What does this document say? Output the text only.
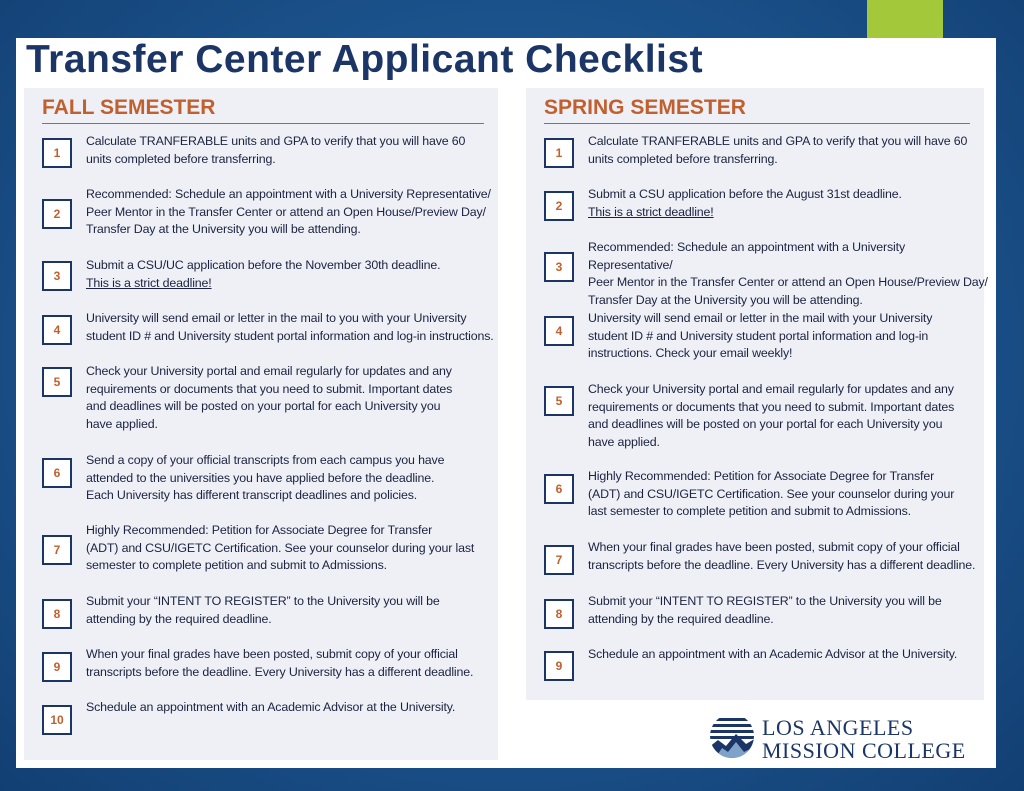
Transfer Center Applicant Checklist
FALL SEMESTER
1
Calculate TRANFERABLE units and GPA to verify that you will have 60
units completed before transferring.
2
Recommended: Schedule an appointment with a University Representative/
Peer Mentor in the Transfer Center or attend an Open House/Preview Day/
Transfer Day at the University you will be attending.
3
Submit a CSU/UC application before the November 30th deadline.
This is a strict deadline!
4
University will send email or letter in the mail to you with your University
student ID # and University student portal information and log-in instructions.
5
Check your University portal and email regularly for updates and any
requirements or documents that you need to submit. Important dates
and deadlines will be posted on your portal for each University you
have applied.
6
Send a copy of your official transcripts from each campus you have
attended to the universities you have applied before the deadline.
Each University has different transcript deadlines and policies.
7
Highly Recommended: Petition for Associate Degree for Transfer
(ADT) and CSU/IGETC Certification. See your counselor during your last
semester to complete petition and submit to Admissions.
8
Submit your “INTENT TO REGISTER” to the University you will be
attending by the required deadline.
9
When your final grades have been posted, submit copy of your official
transcripts before the deadline. Every University has a different deadline.
10
Schedule an appointment with an Academic Advisor at the University.
SPRING SEMESTER
1
Calculate TRANFERABLE units and GPA to verify that you will have 60
units completed before transferring.
2
Submit a CSU application before the August 31st deadline.
This is a strict deadline!
3
Recommended: Schedule an appointment with a University Representative/
Peer Mentor in the Transfer Center or attend an Open House/Preview Day/
Transfer Day at the University you will be attending.
4
University will send email or letter in the mail with your University
student ID # and University student portal information and log-in
instructions. Check your email weekly!
5
Check your University portal and email regularly for updates and any
requirements or documents that you need to submit. Important dates
and deadlines will be posted on your portal for each University you
have applied.
6
Highly Recommended: Petition for Associate Degree for Transfer
(ADT) and CSU/IGETC Certification. See your counselor during your
last semester to complete petition and submit to Admissions.
7
When your final grades have been posted, submit copy of your official
transcripts before the deadline. Every University has a different deadline.
8
Submit your “INTENT TO REGISTER” to the University you will be
attending by the required deadline.
9
Schedule an appointment with an Academic Advisor at the University.
LOS ANGELES
MISSION COLLEGE
